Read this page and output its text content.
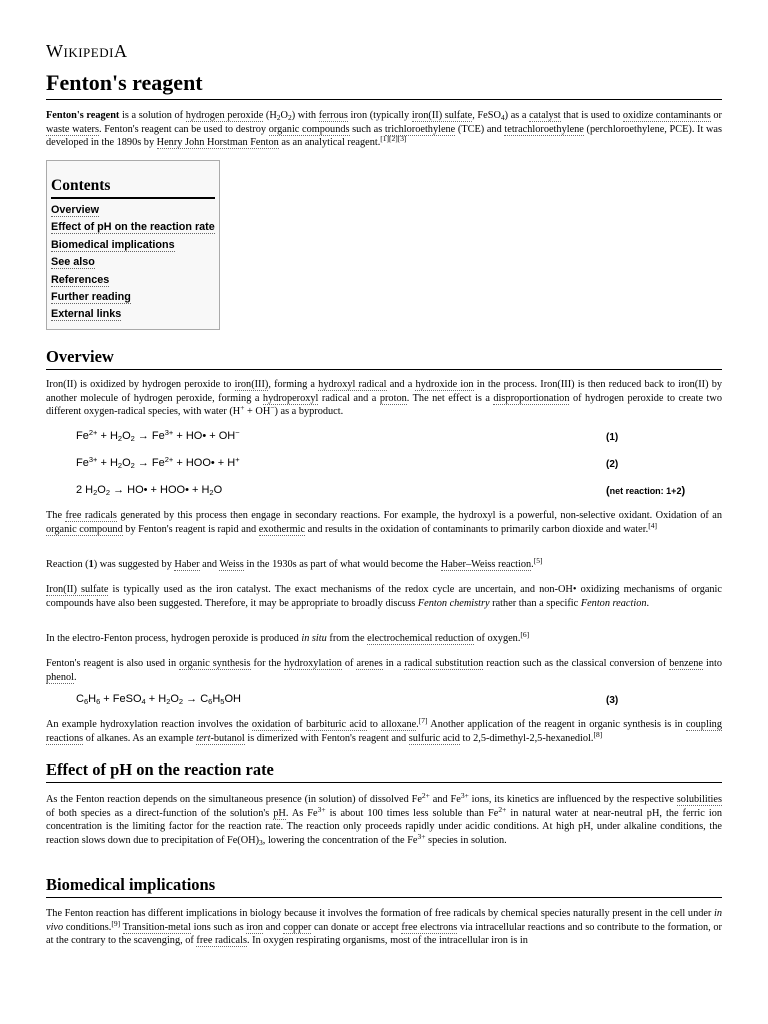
WIKIPEDIA
Fenton's reagent

Fenton's reagent is a solution of hydrogen peroxide $(H_2O_2)$ with ferrous iron (typically iron(II) sulfate, FeSO$_4$) as a catalyst that is used to oxidize contaminants or waste waters. Fenton's reagent can be used to destroy organic compounds such as trichloroethylene (TCE) and tetrachloroethylene (perchloroethylene, PCE). It was developed in the 1890s by Henry John Horstman Fenton as an analytical reagent.[1][2][3]

Contents
Overview
Effect of pH on the reaction rate
Biomedical implications
See also
References
Further reading
External links
Overview

Iron(II) is oxidized by hydrogen peroxide to iron(III), forming a hydroxyl radical and a hydroxide ion in the process. Iron(III) is then reduced back to iron(II) by another molecule of hydrogen peroxide, forming a hydroperoxyl radical and a proton. The net effect is a disproportionation of hydrogen peroxide to create two different oxygen-radical species, with water (H+ + OH−) as a byproduct.

$Fe^{2+} + H_2O_2 \to Fe^{3+}$ + HO• + OH−	(1)
$Fe^{3+} + H_2O_2 \to Fe^{2+}$ + HOO• + H+	(2)
2 $H_2O_2$ → HO• + HOO• + $H_2O$	(net reaction: 1+2)

The free radicals generated by this process then engage in secondary reactions. For example, the hydroxyl is a powerful, non-selective oxidant. Oxidation of an organic compound by Fenton's reagent is rapid and exothermic and results in the oxidation of contaminants to primarily carbon dioxide and water.[4]

Reaction (1) was suggested by Haber and Weiss in the 1930s as part of what would become the Haber–Weiss reaction.[5]

Iron(II) sulfate is typically used as the iron catalyst. The exact mechanisms of the redox cycle are uncertain, and non-OH• oxidizing mechanisms of organic compounds have also been suggested. Therefore, it may be appropriate to broadly discuss Fenton chemistry rather than a specific Fenton reaction.

In the electro-Fenton process, hydrogen peroxide is produced in situ from the electrochemical reduction of oxygen.[6]

Fenton's reagent is also used in organic synthesis for the hydroxylation of arenes in a radical substitution reaction such as the classical conversion of benzene into phenol.

$C_6H_6$ + FeSO$_4$ + $H_2O_2 \to C_6H_5OH$	(3)

An example hydroxylation reaction involves the oxidation of barbituric acid to alloxane.[7] Another application of the reagent in organic synthesis is in coupling reactions of alkanes. As an example tert-butanol is dimerized with Fenton's reagent and sulfuric acid to 2,5-dimethyl-2,5-hexanediol.[8]

Effect of pH on the reaction rate

As the Fenton reaction depends on the simultaneous presence (in solution) of dissolved $Fe^{2+}$ and $Fe^{3+}$ ions, its kinetics are influenced by the respective solubilities of both species as a direct-function of the solution's pH. As $Fe^{3+}$ is about 100 times less soluble than $Fe^{2+}$ in natural water at near-neutral pH, the ferric ion concentration is the limiting factor for the reaction rate. The reaction only proceeds rapidly under acidic conditions. At high pH, under alkaline conditions, the reaction slows down due to precipitation of $Fe(OH)_3$, lowering the concentration of the $Fe^{3+}$ species in solution.

Biomedical implications

The Fenton reaction has different implications in biology because it involves the formation of free radicals by chemical species naturally present in the cell under in vivo conditions.[9] Transition-metal ions such as iron and copper can donate or accept free electrons via intracellular reactions and so contribute to the formation, or at the contrary to the scavenging, of free radicals. In oxygen respirating organisms, most of the intracellular iron is in
